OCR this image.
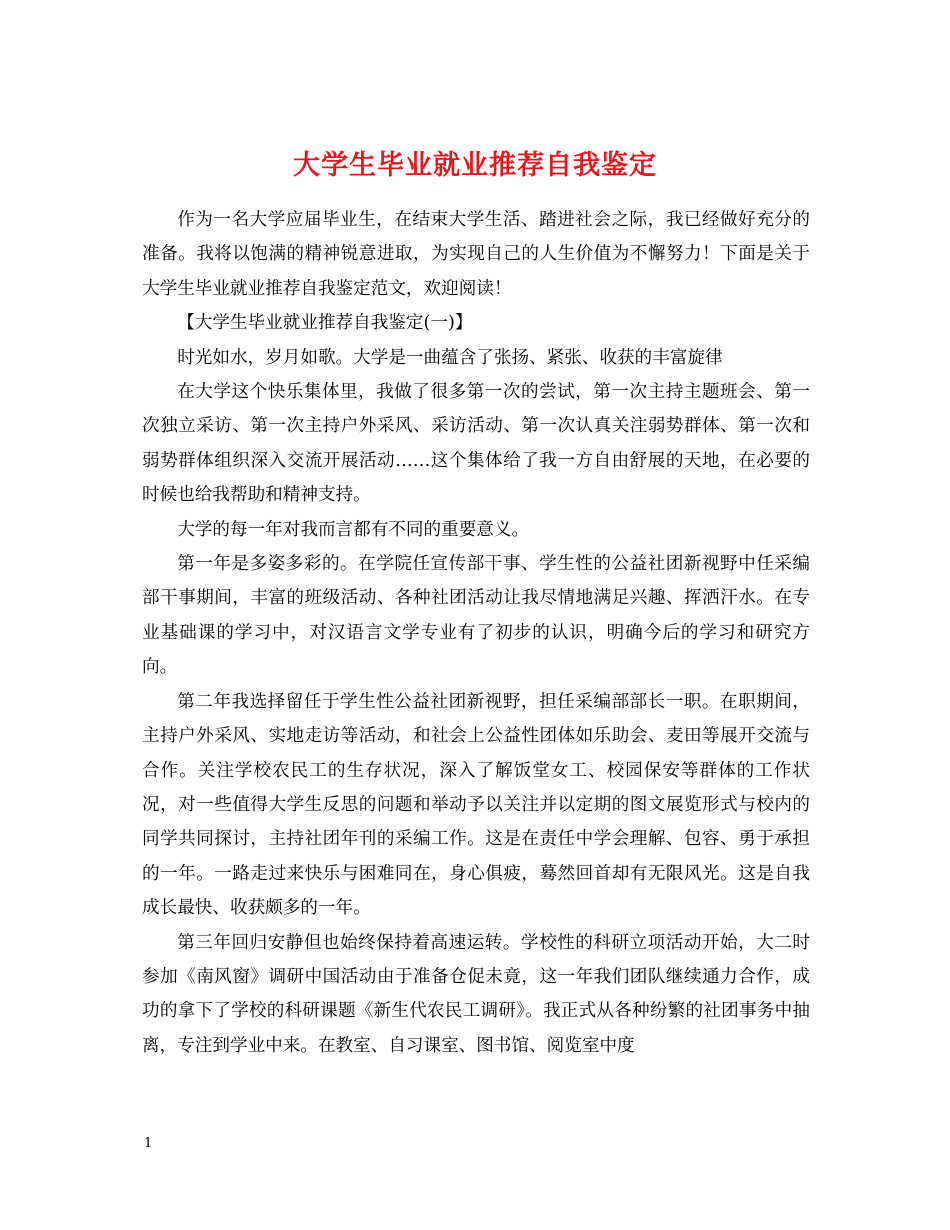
大学生毕业就业推荐自我鉴定

作为一名大学应届毕业生，在结束大学生活、踏进社会之际，我已经做好充分的准备。我将以饱满的精神锐意进取，为实现自己的人生价值为不懈努力！下面是关于大学生毕业就业推荐自我鉴定范文，欢迎阅读！

【大学生毕业就业推荐自我鉴定(一)】

时光如水，岁月如歌。大学是一曲蕴含了张扬、紧张、收获的丰富旋律

在大学这个快乐集体里，我做了很多第一次的尝试，第一次主持主题班会、第一次独立采访、第一次主持户外采风、采访活动、第一次认真关注弱势群体、第一次和弱势群体组织深入交流开展活动……这个集体给了我一方自由舒展的天地，在必要的时候也给我帮助和精神支持。

大学的每一年对我而言都有不同的重要意义。

第一年是多姿多彩的。在学院任宣传部干事、学生性的公益社团新视野中任采编部干事期间，丰富的班级活动、各种社团活动让我尽情地满足兴趣、挥洒汗水。在专业基础课的学习中，对汉语言文学专业有了初步的认识，明确今后的学习和研究方向。

第二年我选择留任于学生性公益社团新视野，担任采编部部长一职。在职期间，主持户外采风、实地走访等活动，和社会上公益性团体如乐助会、麦田等展开交流与合作。关注学校农民工的生存状况，深入了解饭堂女工、校园保安等群体的工作状况，对一些值得大学生反思的问题和举动予以关注并以定期的图文展览形式与校内的同学共同探讨，主持社团年刊的采编工作。这是在责任中学会理解、包容、勇于承担的一年。一路走过来快乐与困难同在，身心俱疲，蓦然回首却有无限风光。这是自我成长最快、收获颇多的一年。

第三年回归安静但也始终保持着高速运转。学校性的科研立项活动开始，大二时参加《南风窗》调研中国活动由于准备仓促未竟，这一年我们团队继续通力合作，成功的拿下了学校的科研课题《新生代农民工调研》。我正式从各种纷繁的社团事务中抽离，专注到学业中来。在教室、自习课室、图书馆、阅览室中度

1
